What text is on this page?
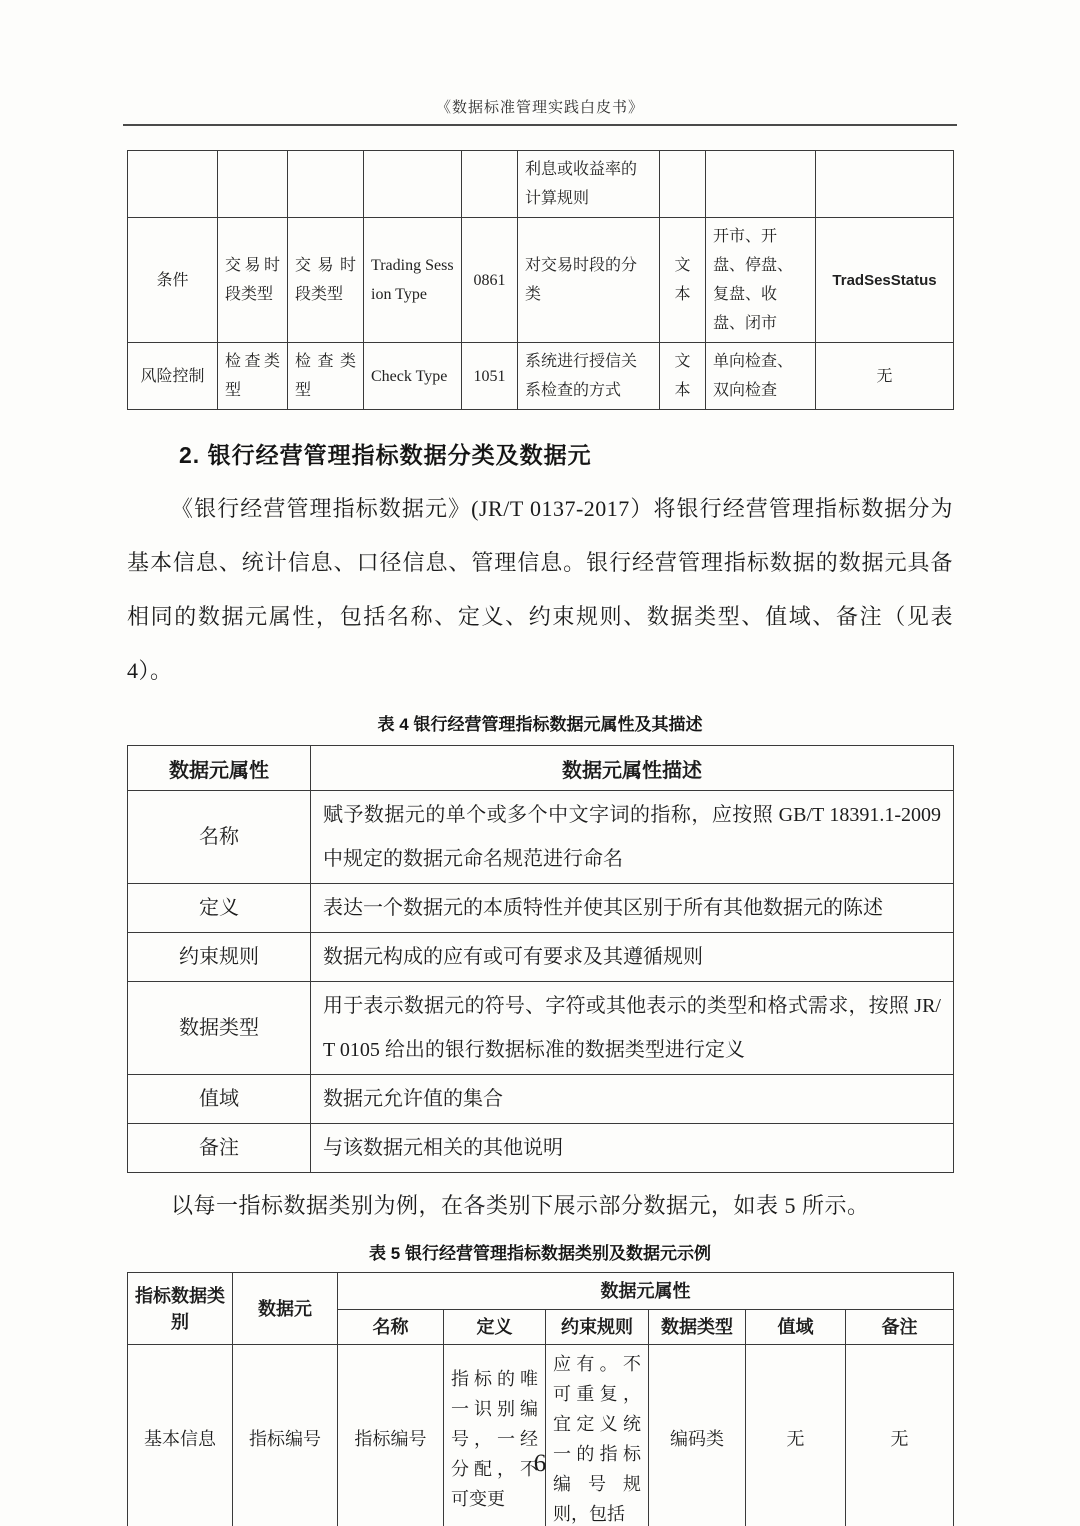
《数据标准管理实践白皮书》
					利息或收益率的计算规则			
条件	交易时段类型	交易时段类型	Trading Session Type	0861	对交易时段的分类	文本	开市、开盘、停盘、复盘、收盘、闭市	TradSesStatus
风险控制	检查类型	检查类型	Check Type	1051	系统进行授信关系检查的方式	文本	单向检查、双向检查	无
2. 银行经营管理指标数据分类及数据元
《银行经营管理指标数据元》(JR/T 0137-2017）将银行经营管理指标数据分为基本信息、统计信息、口径信息、管理信息。银行经营管理指标数据的数据元具备相同的数据元属性，包括名称、定义、约束规则、数据类型、值域、备注（见表 4）。
表 4 银行经营管理指标数据元属性及其描述
数据元属性	数据元属性描述
名称	赋予数据元的单个或多个中文字词的指称，应按照 GB/T 18391.1-2009 中规定的数据元命名规范进行命名
定义	表达一个数据元的本质特性并使其区别于所有其他数据元的陈述
约束规则	数据元构成的应有或可有要求及其遵循规则
数据类型	用于表示数据元的符号、字符或其他表示的类型和格式需求，按照 JR/T 0105 给出的银行数据标准的数据类型进行定义
值域	数据元允许值的集合
备注	与该数据元相关的其他说明
以每一指标数据类别为例，在各类别下展示部分数据元，如表 5 所示。
表 5 银行经营管理指标数据类别及数据元示例
指标数据类别	数据元	数据元属性					
		名称	定义	约束规则	数据类型	值域	备注
基本信息	指标编号	指标编号	指标的唯一识别编号，一经分配，不可变更	应有。不可重复，宜定义统一的指标编号规则，包括	编码类	无	无
6
